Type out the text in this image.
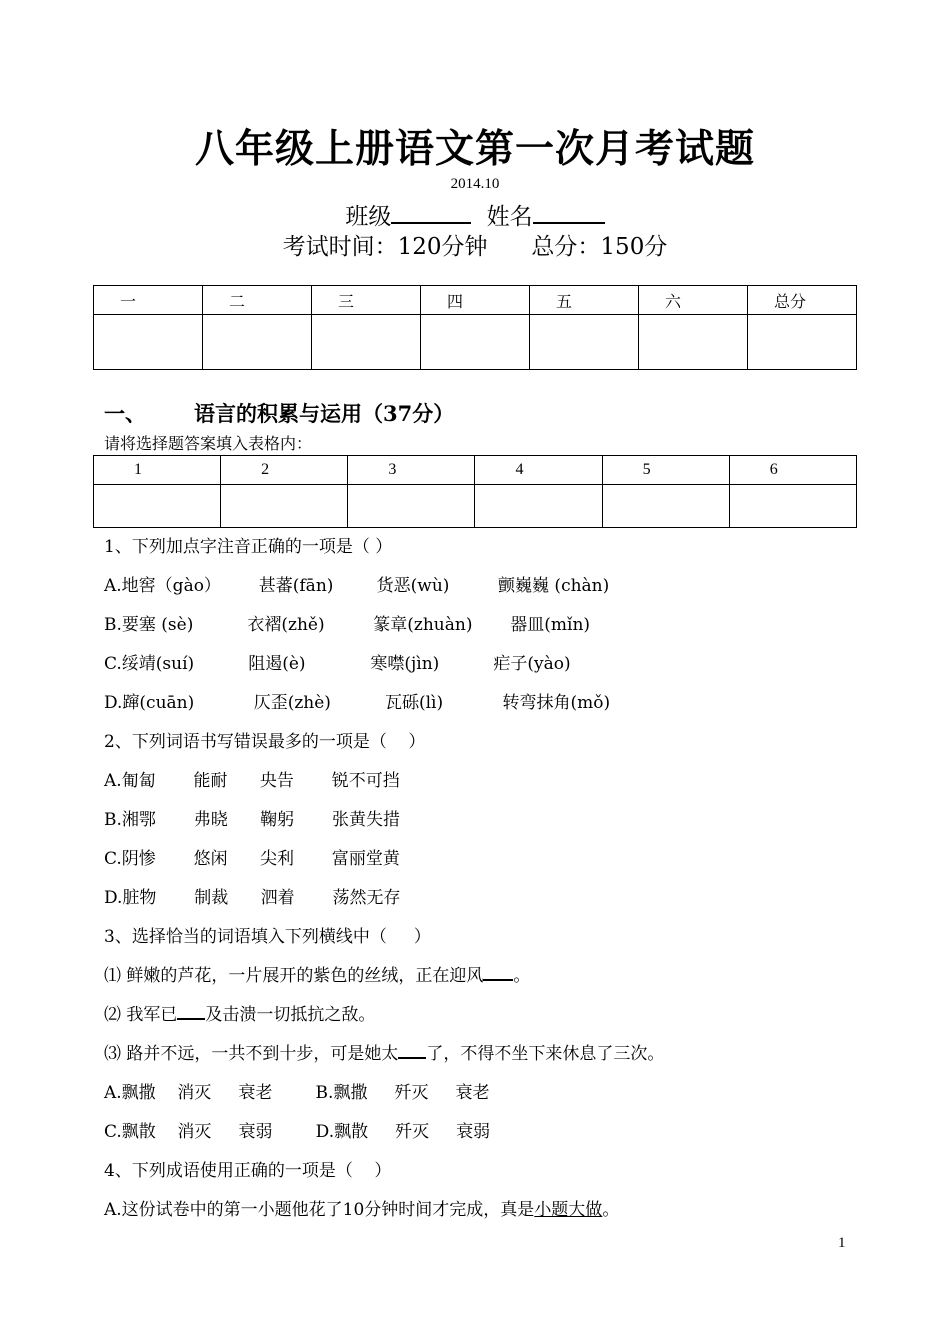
八年级上册语文第一次月考试题
2014.10
班级	姓名
考试时间：120分钟      总分：150分
一	二	三	四	五	六	总分

一、 语言的积累与运用（37分）
请将选择题答案填入表格内：
1	2	3	4	5	6

1、下列加点字注音正确的一项是（ ）
A.地窖（gào）       甚蕃(fān)        货恶(wù)         颤巍巍 (chàn)
B.要塞 (sè)          衣褶(zhě)         篆章(zhuàn)       器皿(mǐn)
C.绥靖(suí)          阻遏(è)            寒噤(jìn)          疟子(yào)
D.蹿(cuān)           仄歪(zhè)          瓦砾(lì)           转弯抹角(mǒ)
2、下列词语书写错误最多的一项是（    ）
A.匍匐       能耐      央告       锐不可挡
B.湘鄂       弗晓      鞠躬       张黄失措
C.阴惨       悠闲      尖利       富丽堂黄
D.脏物       制裁      泗着       荡然无存
3、选择恰当的词语填入下列横线中（     ）
⑴ 鲜嫩的芦花，一片展开的紫色的丝绒，正在迎风 。
⑵ 我军已 及击溃一切抵抗之敌。
⑶ 路并不远，一共不到十步，可是她太 了，不得不坐下来休息了三次。
A.飘撒    消灭     衰老        B.飘撒     歼灭     衰老
C.飘散    消灭     衰弱        D.飘散     歼灭     衰弱
4、下列成语使用正确的一项是（    ）
A.这份试卷中的第一小题他花了10分钟时间才完成，真是小题大做。
1
